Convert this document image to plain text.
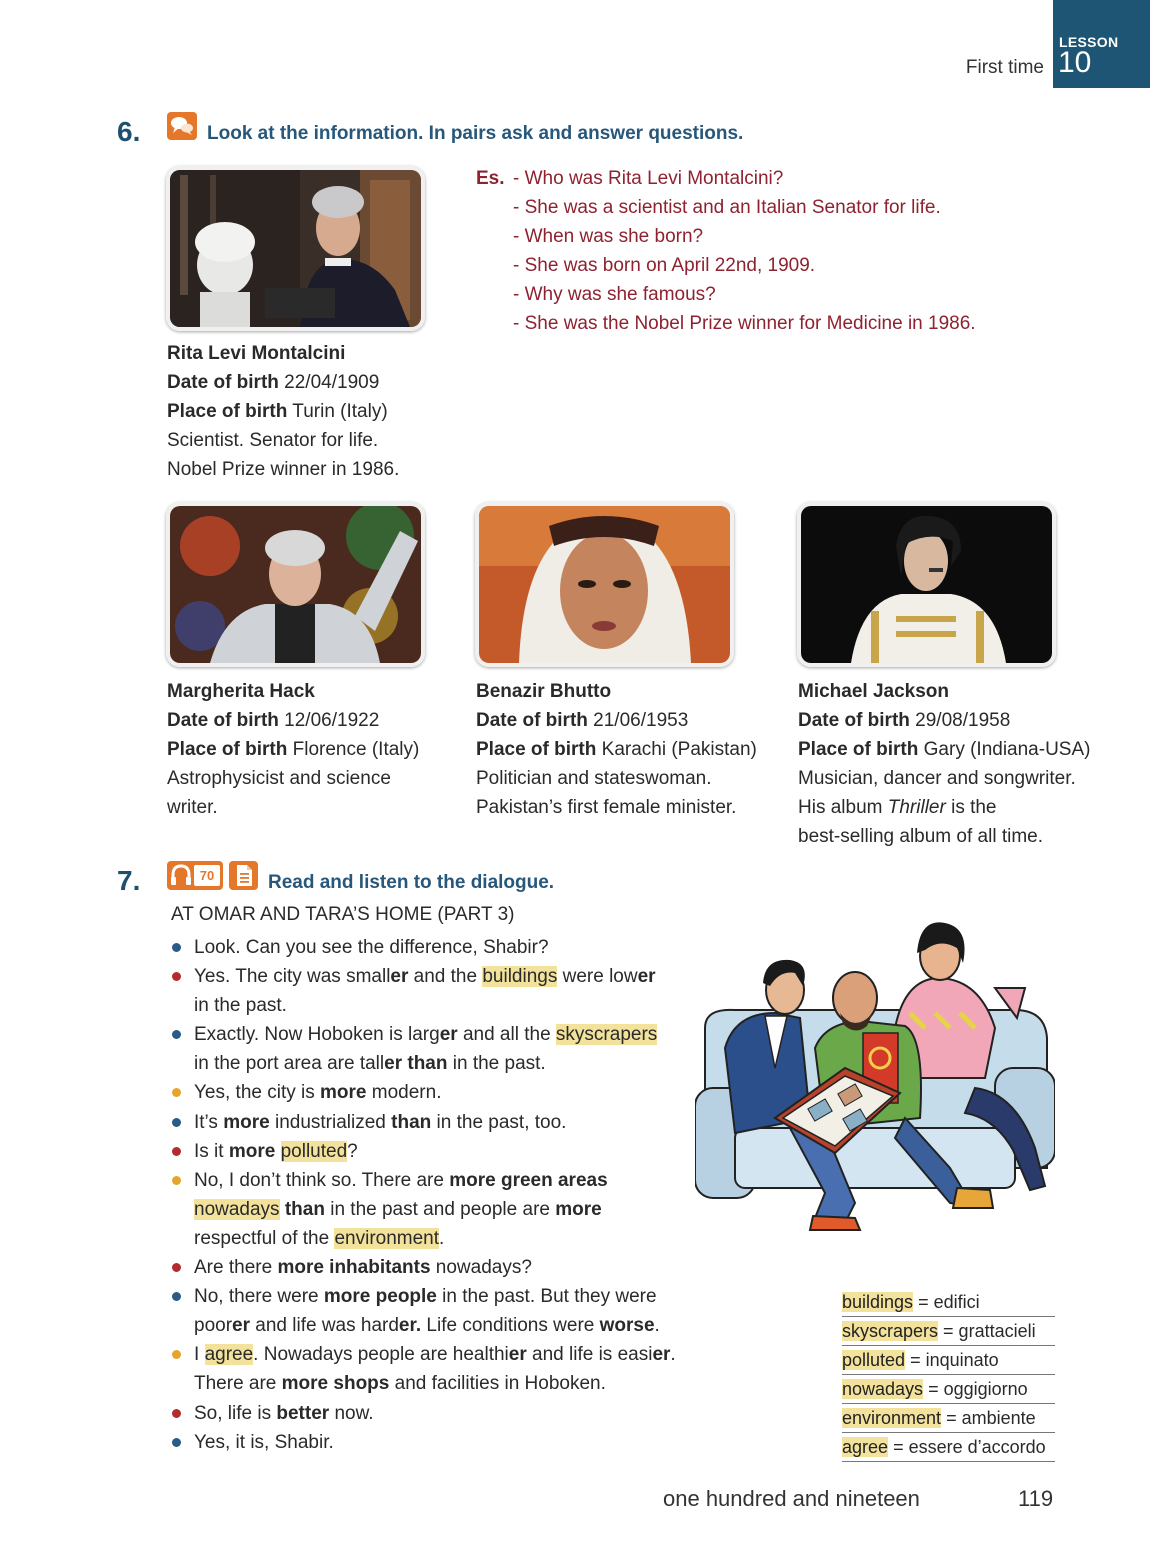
First time
LESSON
10
6.	Look at the information. In pairs ask and answer questions.
Es. - Who was Rita Levi Montalcini?
- She was a scientist and an Italian Senator for life.
- When was she born?
- She was born on April 22nd, 1909.
- Why was she famous?
- She was the Nobel Prize winner for Medicine in 1986.
Rita Levi Montalcini
Date of birth 22/04/1909
Place of birth Turin (Italy)
Scientist. Senator for life.
Nobel Prize winner in 1986.
Margherita Hack
Date of birth 12/06/1922
Place of birth Florence (Italy)
Astrophysicist and science
writer.
Benazir Bhutto
Date of birth 21/06/1953
Place of birth Karachi (Pakistan)
Politician and stateswoman.
Pakistan’s first female minister.
Michael Jackson
Date of birth 29/08/1958
Place of birth Gary (Indiana-USA)
Musician, dancer and songwriter.
His album Thriller is the
best-selling album of all time.
7.	70	Read and listen to the dialogue.
AT OMAR AND TARA’S HOME (PART 3)
Look. Can you see the difference, Shabir?
Yes. The city was smaller and the buildings were lower
in the past.
Exactly. Now Hoboken is larger and all the skyscrapers
in the port area are taller than in the past.
Yes, the city is more modern.
It’s more industrialized than in the past, too.
Is it more polluted?
No, I don’t think so. There are more green areas
nowadays than in the past and people are more
respectful of the environment.
Are there more inhabitants nowadays?
No, there were more people in the past. But they were
poorer and life was harder. Life conditions were worse.
I agree. Nowadays people are healthier and life is easier.
There are more shops and facilities in Hoboken.
So, life is better now.
Yes, it is, Shabir.
buildings = edifici
skyscrapers = grattacieli
polluted = inquinato
nowadays = oggigiorno
environment = ambiente
agree = essere d’accordo
one hundred and nineteen	119
